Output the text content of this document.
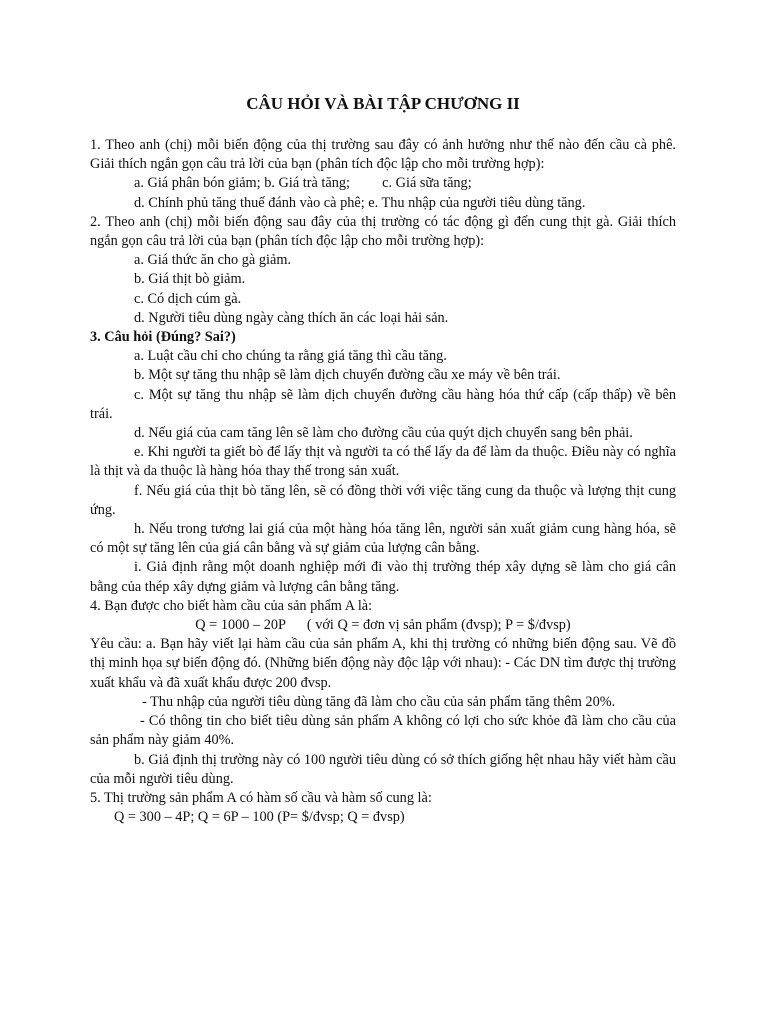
CÂU HỎI VÀ BÀI TẬP CHƯƠNG II

1. Theo anh (chị) mỗi biến động của thị trường sau đây có ảnh hưởng như thế nào đến cầu cà phê. Giải thích ngắn gọn câu trả lời của bạn (phân tích độc lập cho mỗi trường hợp):

a. Giá phân bón giảm; b. Giá trà tăng;         c. Giá sữa tăng;

d. Chính phủ tăng thuế đánh vào cà phê; e. Thu nhập của người tiêu dùng tăng.

2. Theo anh (chị) mỗi biến động sau đây của thị trường có tác động gì đến cung thịt gà. Giải thích ngắn gọn câu trả lời của bạn (phân tích độc lập cho mỗi trường hợp):

a. Giá thức ăn cho gà giảm.

b. Giá thịt bò giảm.

c. Có dịch cúm gà.

d. Người tiêu dùng ngày càng thích ăn các loại hải sản.

3. Câu hỏi (Đúng? Sai?)

a. Luật cầu chỉ cho chúng ta rằng giá tăng thì cầu tăng.

b. Một sự tăng thu nhập sẽ làm dịch chuyển đường cầu xe máy về bên trái.

c. Một sự tăng thu nhập sẽ làm dịch chuyển đường cầu hàng hóa thứ cấp (cấp thấp) về bên trái.

d. Nếu giá của cam tăng lên sẽ làm cho đường cầu của quýt dịch chuyển sang bên phải.

e. Khi người ta giết bò để lấy thịt và người ta có thể lấy da để làm da thuộc. Điều này có nghĩa là thịt và da thuộc là hàng hóa thay thế trong sản xuất.

f. Nếu giá của thịt bò tăng lên, sẽ có đồng thời với việc tăng cung da thuộc và lượng thịt cung ứng.

h. Nếu trong tương lai giá của một hàng hóa tăng lên, người sản xuất giảm cung hàng hóa, sẽ có một sự tăng lên của giá cân bằng và sự giảm của lượng cân bằng.

i. Giả định rằng một doanh nghiệp mới đi vào thị trường thép xây dựng sẽ làm cho giá cân bằng của thép xây dựng giảm và lượng cân bằng tăng.

4. Bạn được cho biết hàm cầu của sản phẩm A là:

Q = 1000 – 20P      ( với Q = đơn vị sản phẩm (đvsp); P = $/đvsp)

Yêu cầu: a. Bạn hãy viết lại hàm cầu của sản phẩm A, khi thị trường có những biến động sau. Vẽ đồ thị minh họa sự biến động đó. (Những biến động này độc lập với nhau): - Các DN tìm được thị trường xuất khẩu và đã xuất khẩu được 200 đvsp.

- Thu nhập của người tiêu dùng tăng đã làm cho cầu của sản phẩm tăng thêm 20%.

- Có thông tin cho biết tiêu dùng sản phẩm A không có lợi cho sức khỏe đã làm cho cầu của sản phẩm này giảm 40%.

b. Giả định thị trường này có 100 người tiêu dùng có sở thích giống hệt nhau hãy viết hàm cầu của mỗi người tiêu dùng.

5. Thị trường sản phẩm A có hàm số cầu và hàm số cung là:

Q = 300 – 4P; Q = 6P – 100 (P= $/đvsp; Q = đvsp)
